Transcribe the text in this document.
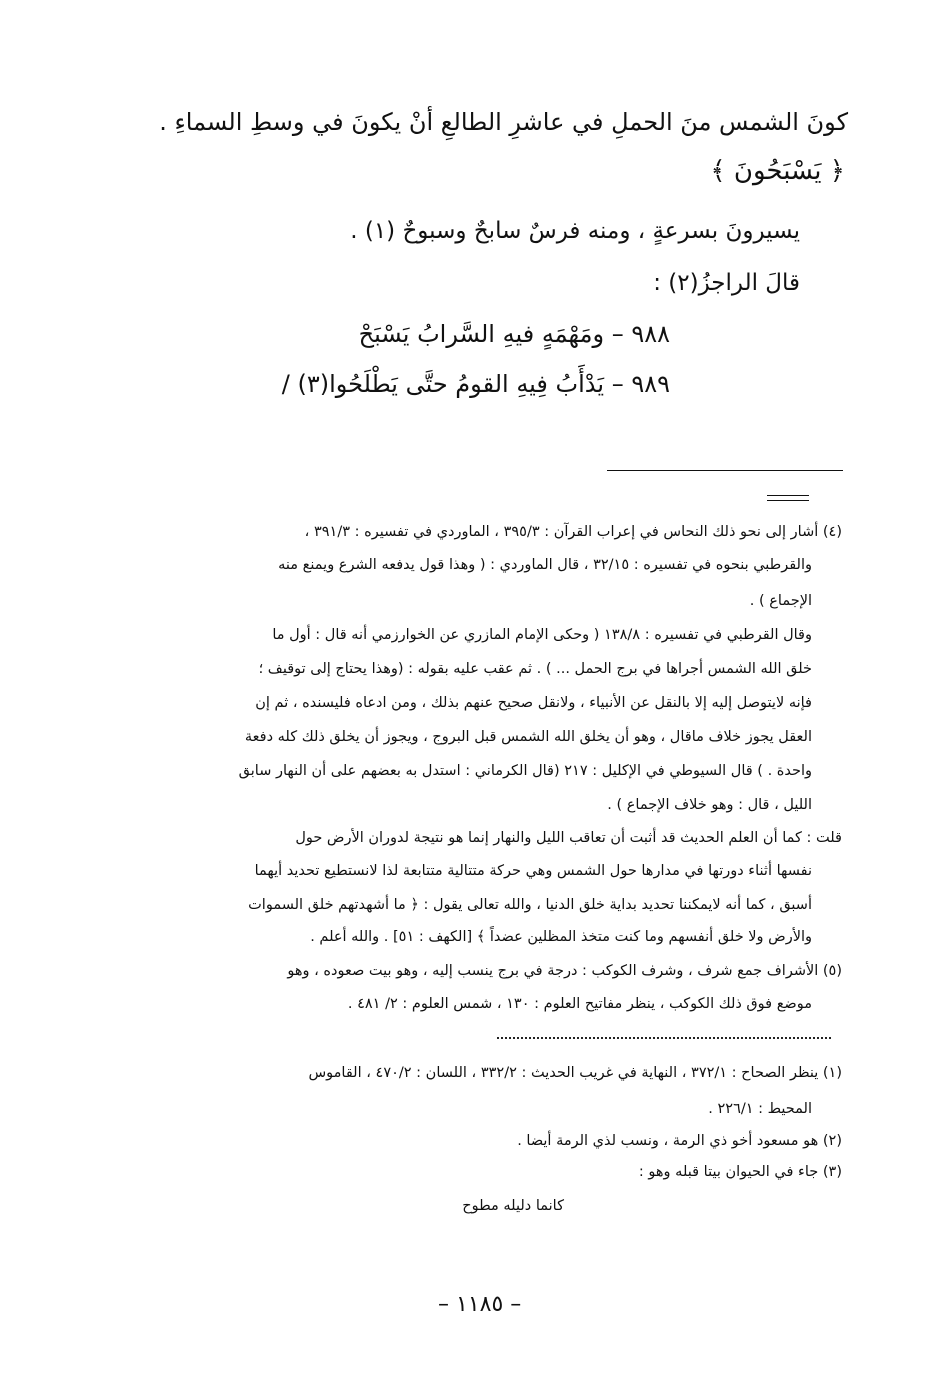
كونَ الشمس منَ الحملِ في عاشرِ الطالعِ أنْ يكونَ في وسطِ السماءِ .
﴿ يَسْبَحُونَ ﴾
يسيرونَ بسرعةٍ ، ومنه فرسٌ سابحٌ وسبوحٌ (١) .
قالَ الراجزُ(٢) :
٩٨٨ – ومَهْمَهٍ فيهِ السَّرابُ يَسْبَحْ
٩٨٩ – يَدْأَبُ فِيهِ القومُ حتَّى يَطْلَحُوا(٣) /
(٤) أشار إلى نحو ذلك النحاس في إعراب القرآن : ٣٩٥/٣ ، الماوردي في تفسيره : ٣٩١/٣ ،
والقرطبي بنحوه في تفسيره : ٣٢/١٥ ، قال الماوردي : ( وهذا قول يدفعه الشرع ويمنع منه
الإجماع ) .
وقال القرطبي في تفسيره : ١٣٨/٨ ( وحكى الإمام المازري عن الخوارزمي أنه قال : أول ما
خلق الله الشمس أجراها في برج الحمل ... ) . ثم عقب عليه بقوله : (وهذا يحتاج إلى توقيف ؛
فإنه لايتوصل إليه إلا بالنقل عن الأنبياء ، ولانقل صحيح عنهم بذلك ، ومن ادعاه فليسنده ، ثم إن
العقل يجوز خلاف ماقال ، وهو أن يخلق الله الشمس قبل البروج ، ويجوز أن يخلق ذلك كله دفعة
واحدة . ) قال السيوطي في الإكليل : ٢١٧ (قال الكرماني : استدل به بعضهم على أن النهار سابق
الليل ، قال : وهو خلاف الإجماع ) .
قلت : كما أن العلم الحديث قد أثبت أن تعاقب الليل والنهار إنما هو نتيجة لدوران الأرض حول
نفسها أثناء دورتها في مدارها حول الشمس وهي حركة متتالية متتابعة لذا لانستطيع تحديد أيهما
أسبق ، كما أنه لايمكننا تحديد بداية خلق الدنيا ، والله تعالى يقول : ﴿ ما أشهدتهم خلق السموات
والأرض ولا خلق أنفسهم وما كنت متخذ المظلين عضداً ﴾ [الكهف : ٥١] . والله أعلم .
(٥) الأشراف جمع شرف ، وشرف الكوكب : درجة في برج ينسب إليه ، وهو بيت صعوده ، وهو
موضع فوق ذلك الكوكب ، ينظر مفاتيح العلوم : ١٣٠ ، شمس العلوم : ٢/ ٤٨١ .
(١) ينظر الصحاح : ٣٧٢/١ ، النهاية في غريب الحديث : ٣٣٢/٢ ، اللسان : ٤٧٠/٢ ، القاموس
المحيط : ٢٢٦/١ .
(٢) هو مسعود أخو ذي الرمة ، ونسب لذي الرمة أيضا .
(٣) جاء في الحيوان بيتا قبله وهو :
كانما دليله مطوح
– ١١٨٥ –
